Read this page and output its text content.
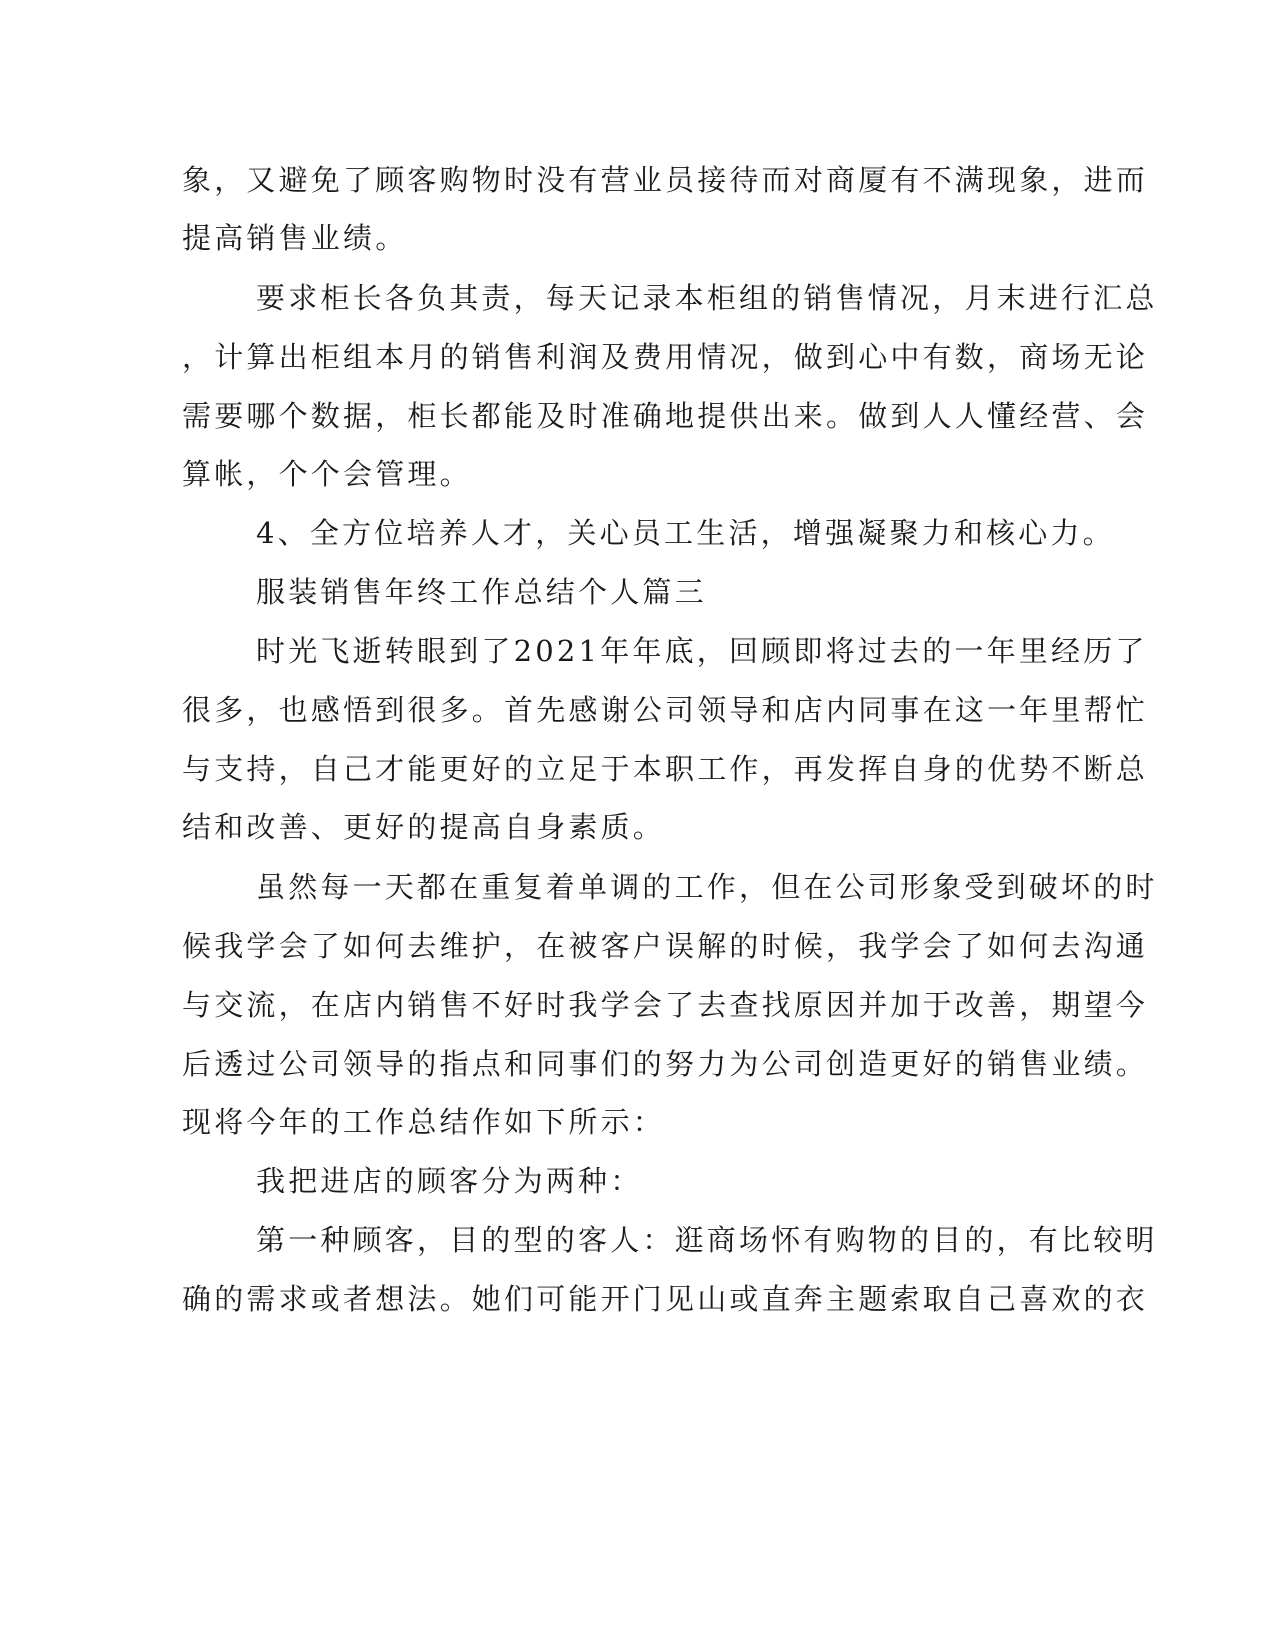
象，又避免了顾客购物时没有营业员接待而对商厦有不满现象，进而
提高销售业绩。
要求柜长各负其责，每天记录本柜组的销售情况，月末进行汇总
，计算出柜组本月的销售利润及费用情况，做到心中有数，商场无论
需要哪个数据，柜长都能及时准确地提供出来。做到人人懂经营、会
算帐，个个会管理。
4、全方位培养人才，关心员工生活，增强凝聚力和核心力。
服装销售年终工作总结个人篇三
时光飞逝转眼到了2021年年底，回顾即将过去的一年里经历了
很多，也感悟到很多。首先感谢公司领导和店内同事在这一年里帮忙
与支持，自己才能更好的立足于本职工作，再发挥自身的优势不断总
结和改善、更好的提高自身素质。
虽然每一天都在重复着单调的工作，但在公司形象受到破坏的时
候我学会了如何去维护，在被客户误解的时候，我学会了如何去沟通
与交流，在店内销售不好时我学会了去查找原因并加于改善，期望今
后透过公司领导的指点和同事们的努力为公司创造更好的销售业绩。
现将今年的工作总结作如下所示：
我把进店的顾客分为两种：
第一种顾客，目的型的客人：逛商场怀有购物的目的，有比较明
确的需求或者想法。她们可能开门见山或直奔主题索取自己喜欢的衣
